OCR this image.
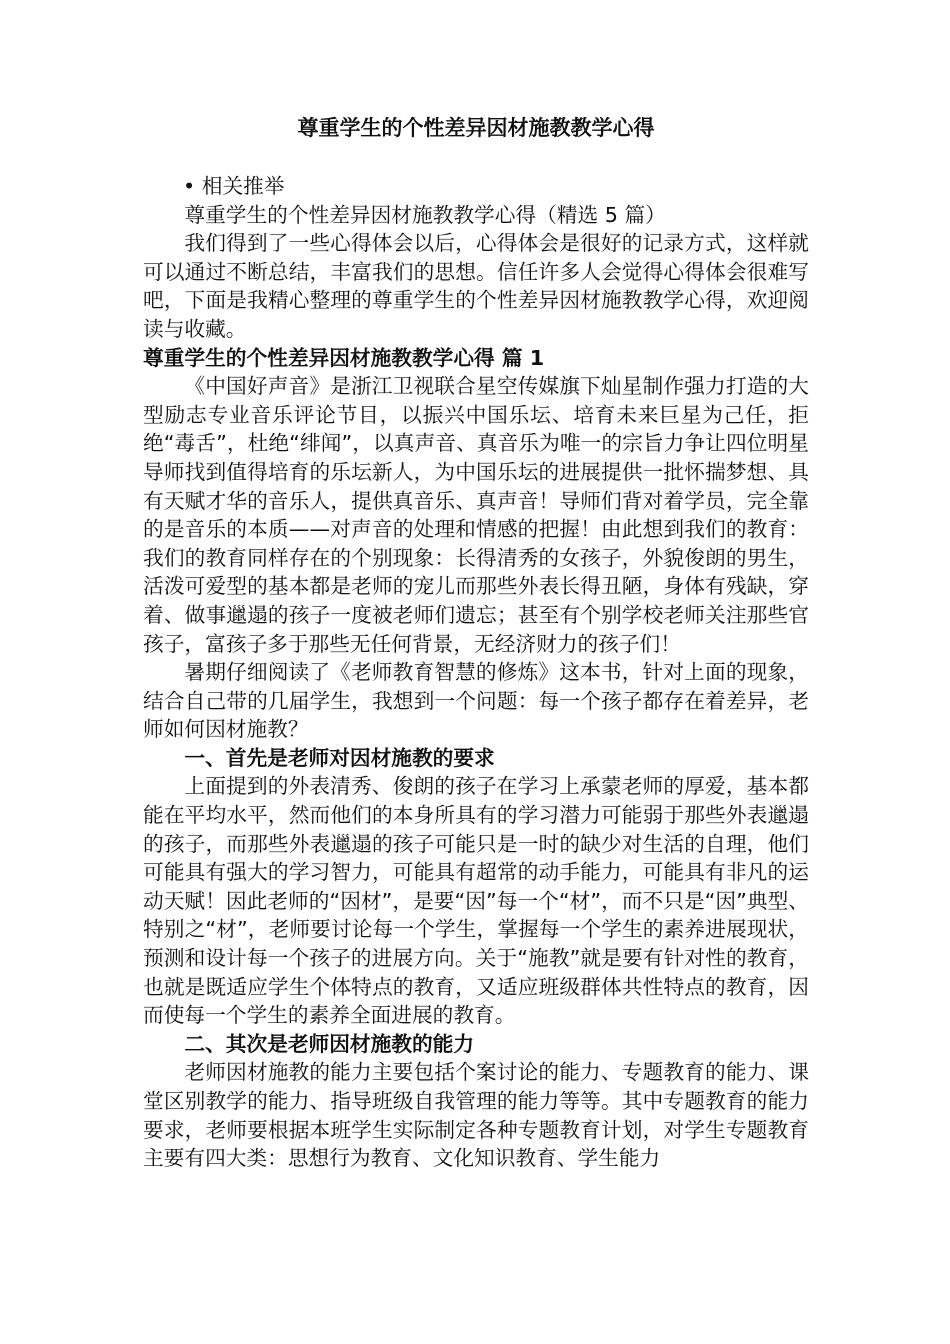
尊重学生的个性差异因材施教教学心得

• 相关推举

尊重学生的个性差异因材施教教学心得（精选 5 篇）

我们得到了一些心得体会以后，心得体会是很好的记录方式，这样就可以通过不断总结，丰富我们的思想。信任许多人会觉得心得体会很难写吧，下面是我精心整理的尊重学生的个性差异因材施教教学心得，欢迎阅读与收藏。

尊重学生的个性差异因材施教教学心得 篇 1

《中国好声音》是浙江卫视联合星空传媒旗下灿星制作强力打造的大型励志专业音乐评论节目，以振兴中国乐坛、培育未来巨星为己任，拒绝“毒舌”，杜绝“绯闻”，以真声音、真音乐为唯一的宗旨力争让四位明星导师找到值得培育的乐坛新人，为中国乐坛的进展提供一批怀揣梦想、具有天赋才华的音乐人，提供真音乐、真声音！导师们背对着学员，完全靠的是音乐的本质——对声音的处理和情感的把握！由此想到我们的教育：我们的教育同样存在的个别现象：长得清秀的女孩子，外貌俊朗的男生，活泼可爱型的基本都是老师的宠儿而那些外表长得丑陋，身体有残缺，穿着、做事邋遢的孩子一度被老师们遗忘；甚至有个别学校老师关注那些官孩子，富孩子多于那些无任何背景，无经济财力的孩子们！

暑期仔细阅读了《老师教育智慧的修炼》这本书，针对上面的现象，结合自己带的几届学生，我想到一个问题：每一个孩子都存在着差异，老师如何因材施教？

一、首先是老师对因材施教的要求

上面提到的外表清秀、俊朗的孩子在学习上承蒙老师的厚爱，基本都能在平均水平，然而他们的本身所具有的学习潜力可能弱于那些外表邋遢的孩子，而那些外表邋遢的孩子可能只是一时的缺少对生活的自理，他们可能具有强大的学习智力，可能具有超常的动手能力，可能具有非凡的运动天赋！因此老师的“因材”，是要“因”每一个“材”，而不只是“因”典型、特别之“材”，老师要讨论每一个学生，掌握每一个学生的素养进展现状，预测和设计每一个孩子的进展方向。关于“施教”就是要有针对性的教育，也就是既适应学生个体特点的教育，又适应班级群体共性特点的教育，因而使每一个学生的素养全面进展的教育。

二、其次是老师因材施教的能力

老师因材施教的能力主要包括个案讨论的能力、专题教育的能力、课堂区别教学的能力、指导班级自我管理的能力等等。其中专题教育的能力要求，老师要根据本班学生实际制定各种专题教育计划，对学生专题教育主要有四大类：思想行为教育、文化知识教育、学生能力
